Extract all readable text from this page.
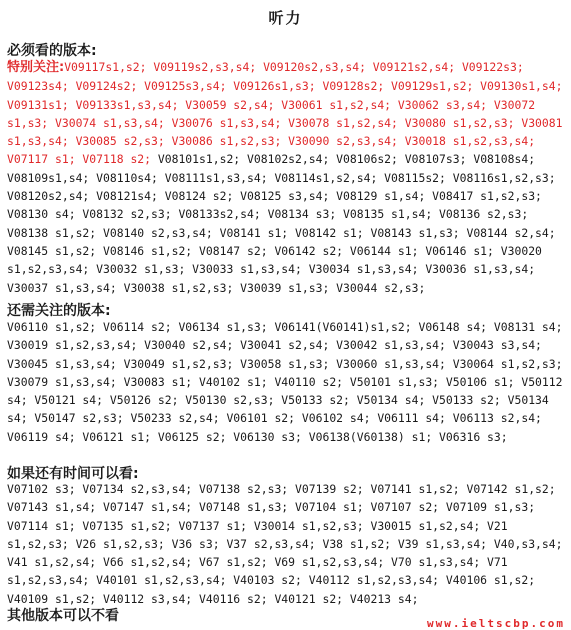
听力
必须看的版本:
特别关注:V09117s1,s2; V09119s2,s3,s4; V09120s2,s3,s4; V09121s2,s4; V09122s3; V09123s4; V09124s2; V09125s3,s4; V09126s1,s3; V09128s2; V09129s1,s2; V09130s1,s4; V09131s1; V09133s1,s3,s4; V30059 s2,s4; V30061 s1,s2,s4; V30062 s3,s4; V30072 s1,s3; V30074 s1,s3,s4; V30076 s1,s3,s4; V30078 s1,s2,s4; V30080 s1,s2,s3; V30081 s1,s3,s4; V30085 s2,s3; V30086 s1,s2,s3; V30090 s2,s3,s4; V30018 s1,s2,s3,s4; V07117 s1; V07118 s2; V08101s1,s2; V08102s2,s4; V08106s2; V08107s3; V08108s4; V08109s1,s4; V08110s4; V08111s1,s3,s4; V08114s1,s2,s4; V08115s2; V08116s1,s2,s3; V08120s2,s4; V08121s4; V08124 s2; V08125 s3,s4; V08129 s1,s4; V08417 s1,s2,s3; V08130 s4; V08132 s2,s3; V08133s2,s4; V08134 s3; V08135 s1,s4; V08136 s2,s3; V08138 s1,s2; V08140 s2,s3,s4; V08141 s1; V08142 s1; V08143 s1,s3; V08144 s2,s4; V08145 s1,s2; V08146 s1,s2; V08147 s2; V06142 s2; V06144 s1; V06146 s1; V30020 s1,s2,s3,s4; V30032 s1,s3; V30033 s1,s3,s4; V30034 s1,s3,s4; V30036 s1,s3,s4; V30037 s1,s3,s4; V30038 s1,s2,s3; V30039 s1,s3; V30044 s2,s3;
还需关注的版本:
V06110 s1,s2; V06114 s2; V06134 s1,s3; V06141(V60141)s1,s2; V06148 s4; V08131 s4; V30019 s1,s2,s3,s4; V30040 s2,s4; V30041 s2,s4; V30042 s1,s3,s4; V30043 s3,s4; V30045 s1,s3,s4; V30049 s1,s2,s3; V30058 s1,s3; V30060 s1,s3,s4; V30064 s1,s2,s3; V30079 s1,s3,s4; V30083 s1; V40102 s1; V40110 s2; V50101 s1,s3; V50106 s1; V50112 s4; V50121 s4; V50126 s2; V50130 s2,s3; V50133 s2; V50134 s4; V50133 s2; V50134 s4; V50147 s2,s3; V50233 s2,s4; V06101 s2; V06102 s4; V06111 s4; V06113 s2,s4; V06119 s4; V06121 s1; V06125 s2; V06130 s3; V06138(V60138) s1; V06316 s3;
如果还有时间可以看:
V07102 s3; V07134 s2,s3,s4; V07138 s2,s3; V07139 s2; V07141 s1,s2; V07142 s1,s2; V07143 s1,s4; V07147 s1,s4; V07148 s1,s3; V07104 s1; V07107 s2; V07109 s1,s3; V07114 s1; V07135 s1,s2; V07137 s1; V30014 s1,s2,s3; V30015 s1,s2,s4; V21 s1,s2,s3; V26 s1,s2,s3; V36 s3; V37 s2,s3,s4; V38 s1,s2; V39 s1,s3,s4; V40,s3,s4; V41 s1,s2,s4; V66 s1,s2,s4; V67 s1,s2; V69 s1,s2,s3,s4; V70 s1,s3,s4; V71 s1,s2,s3,s4; V40101 s1,s2,s3,s4; V40103 s2; V40112 s1,s2,s3,s4; V40106 s1,s2; V40109 s1,s2; V40112 s3,s4; V40116 s2; V40121 s2; V40213 s4;
其他版本可以不看	www.ieltscbp.com
